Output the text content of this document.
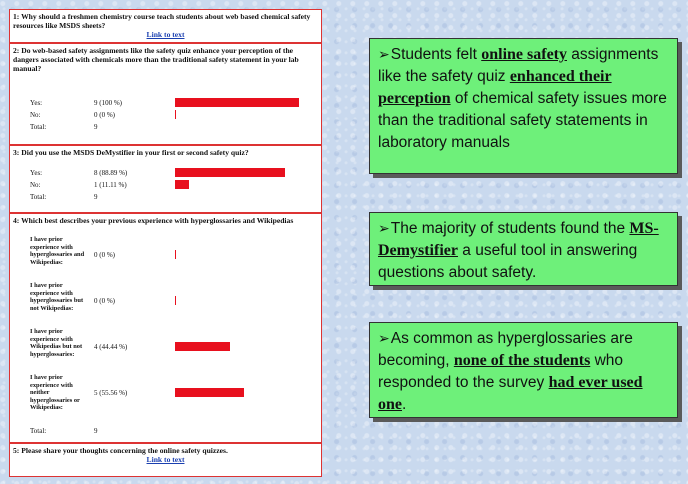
1: Why should a freshmen chemistry course teach students about web based chemical safety resources like MSDS sheets?
Link to text
2: Do web-based safety assignments like the safety quiz enhance your perception of the dangers associated with chemicals more than the traditional safety statement in your lab manual?
Yes:	9 (100 %)
No:	0 (0 %)
Total:	9
3: Did you use the MSDS DeMystifier in your first or second safety quiz?
Yes:	8 (88.89 %)
No:	1 (11.11 %)
Total:	9
4: Which best describes your previous experience with hyperglossaries and Wikipedias
I have prior experience with hyperglossaries and Wikipedias:
0 (0 %)
I have prior experience with hyperglossaries but not Wikipedias:
0 (0 %)
I have prior experience with Wikipedias but not hyperglossaries:
4 (44.44 %)
I have prior experience with neither hyperglossaries or Wikipedias:
5 (55.56 %)
Total:	9
5: Please share your thoughts concerning the online safety quizzes.
Link to text
➢Students felt online safety assignments like the safety quiz enhanced their perception of chemical safety issues more than the traditional safety statements in laboratory manuals
➢The majority of students found the MS-Demystifier a useful tool in answering questions about safety.
➢As common as hyperglossaries are becoming, none of the students who responded to the survey had ever used one.
